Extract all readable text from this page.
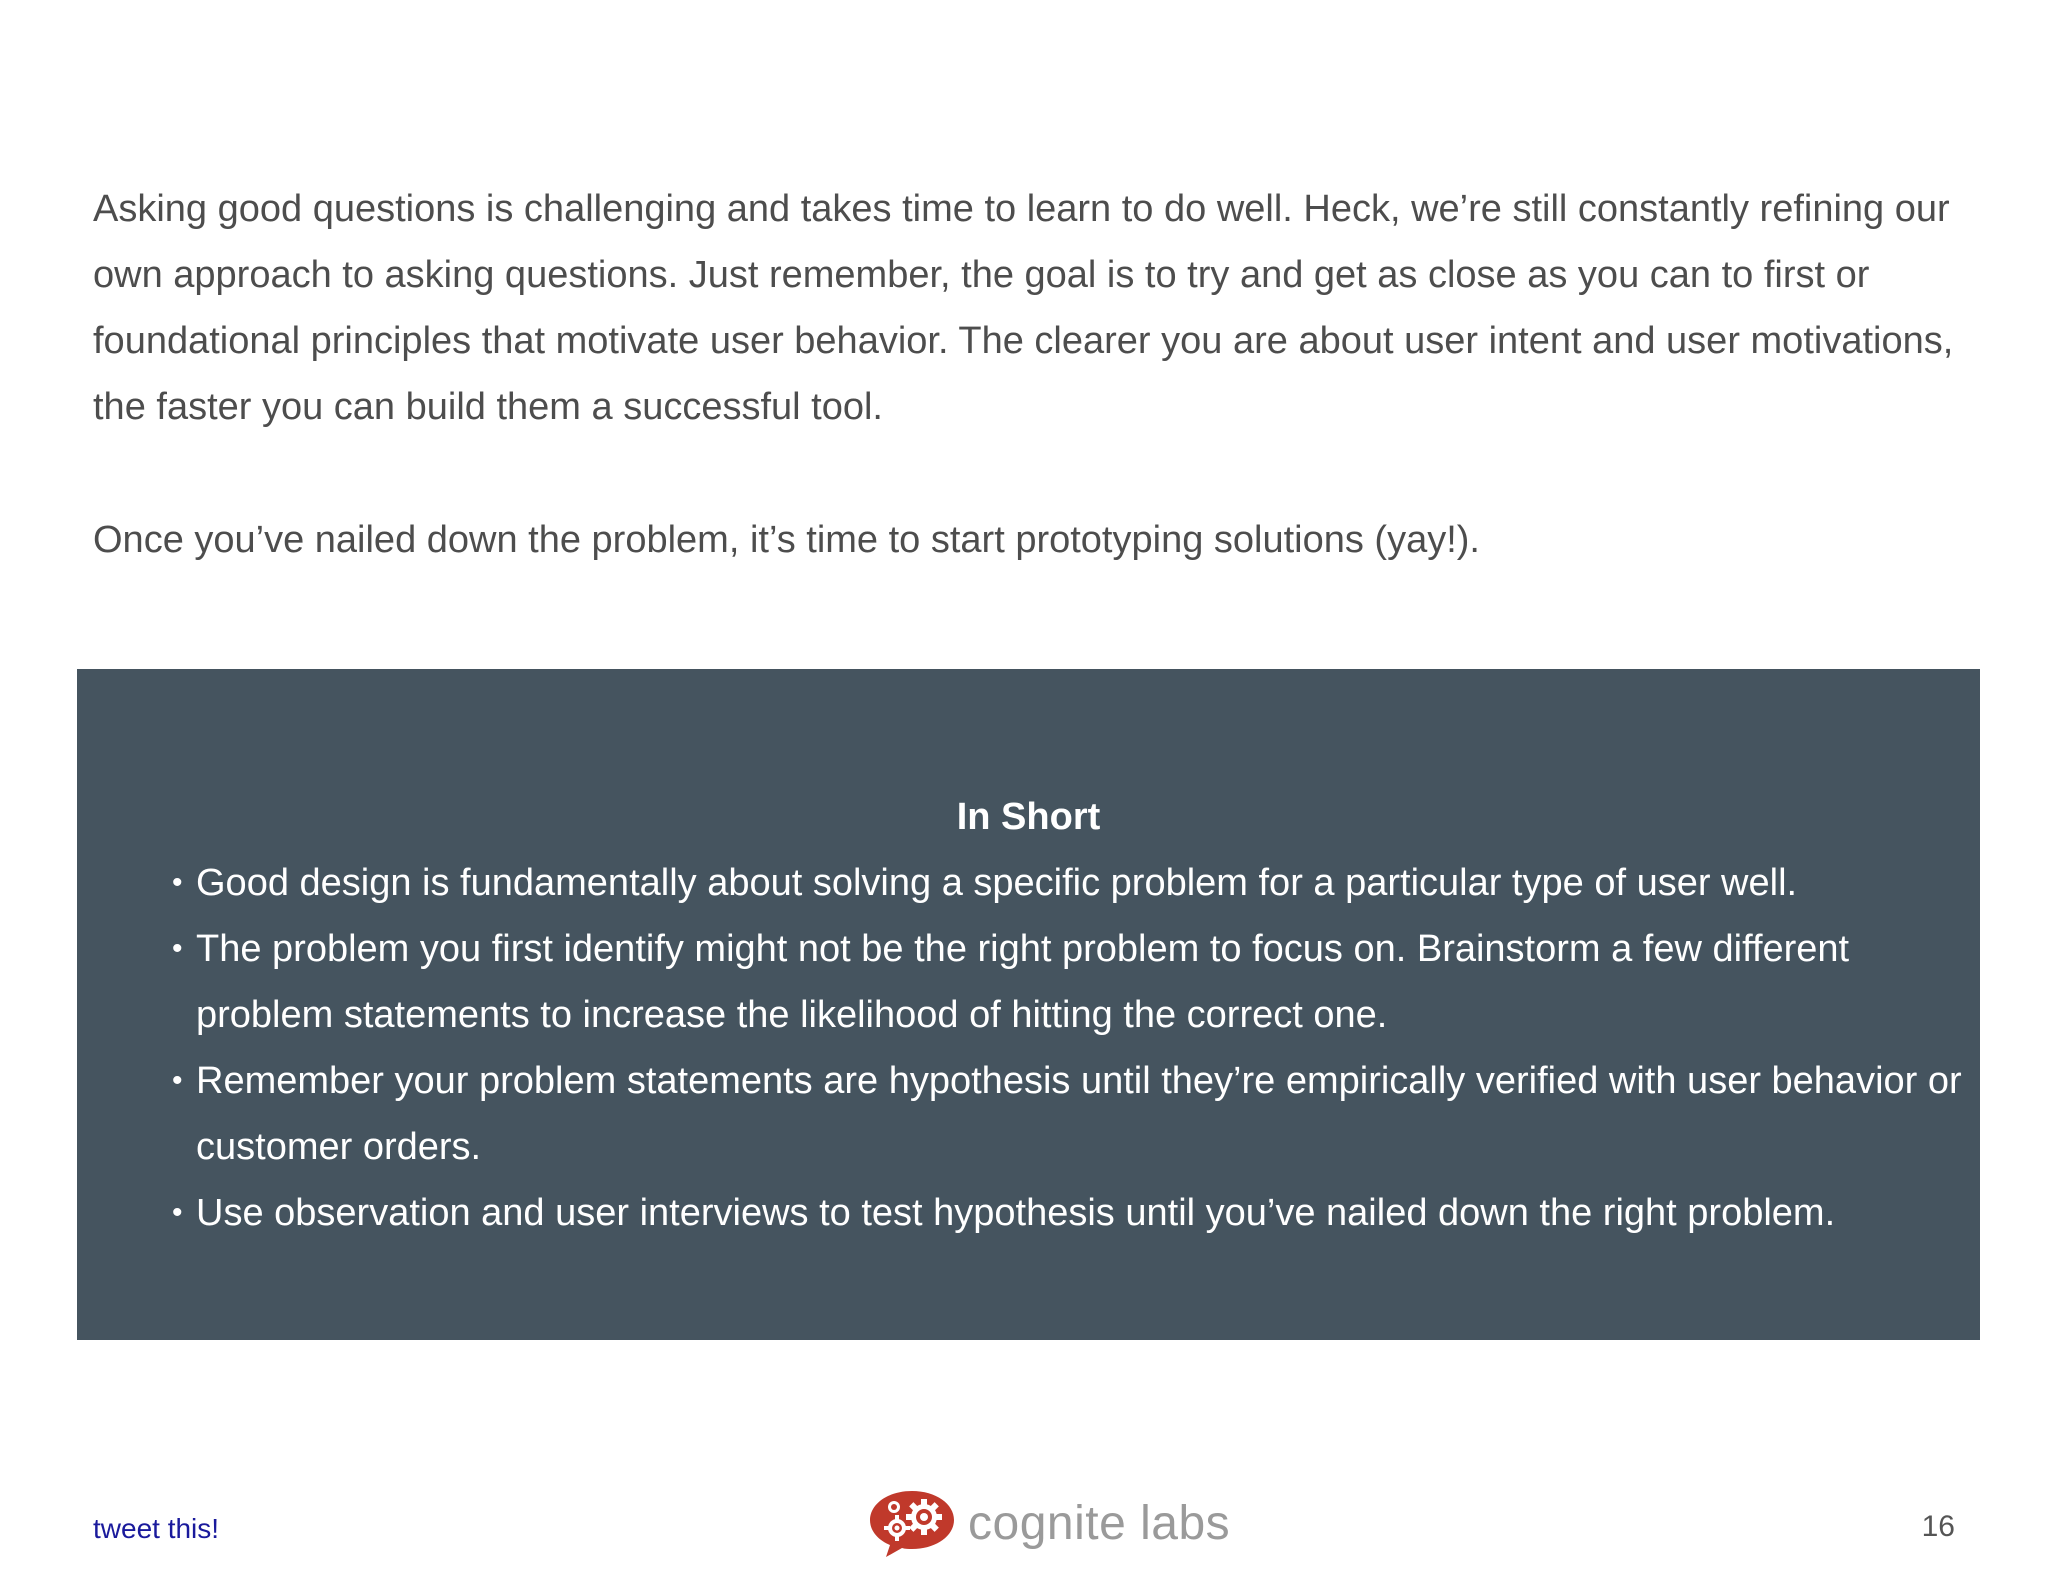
Asking good questions is challenging and takes time to learn to do well. Heck, we’re still constantly refining our own approach to asking questions. Just remember, the goal is to try and get as close as you can to first or foundational principles that motivate user behavior. The clearer you are about user intent and user motivations, the faster you can build them a successful tool.

Once you’ve nailed down the problem, it’s time to start prototyping solutions (yay!).

In Short
• Good design is fundamentally about solving a specific problem for a particular type of user well.
• The problem you first identify might not be the right problem to focus on. Brainstorm a few different problem statements to increase the likelihood of hitting the correct one.
• Remember your problem statements are hypothesis until they’re empirically verified with user behavior or customer orders.
• Use observation and user interviews to test hypothesis until you’ve nailed down the right problem.
tweet this!	cognite labs	16
